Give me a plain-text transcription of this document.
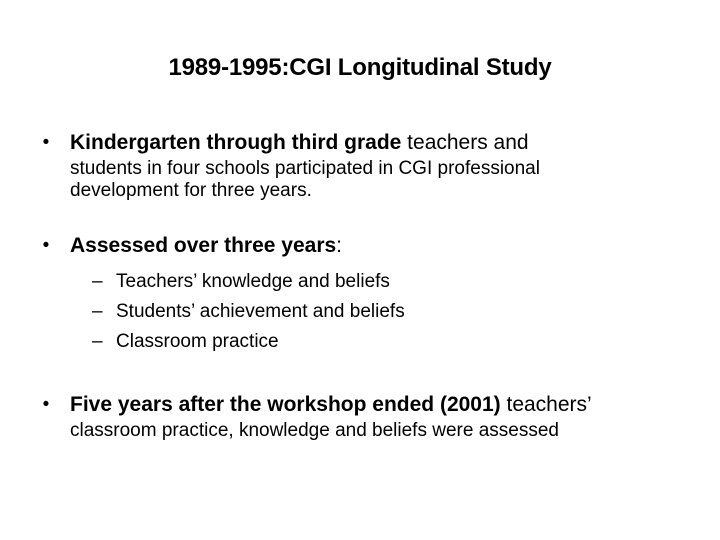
1989-1995:CGI Longitudinal Study
• Kindergarten through third grade teachers and
students in four schools participated in CGI professional
development for three years.
• Assessed over three years:
– Teachers’ knowledge and beliefs
– Students’ achievement and beliefs
– Classroom practice
• Five years after the workshop ended (2001) teachers’
classroom practice, knowledge and beliefs were assessed
